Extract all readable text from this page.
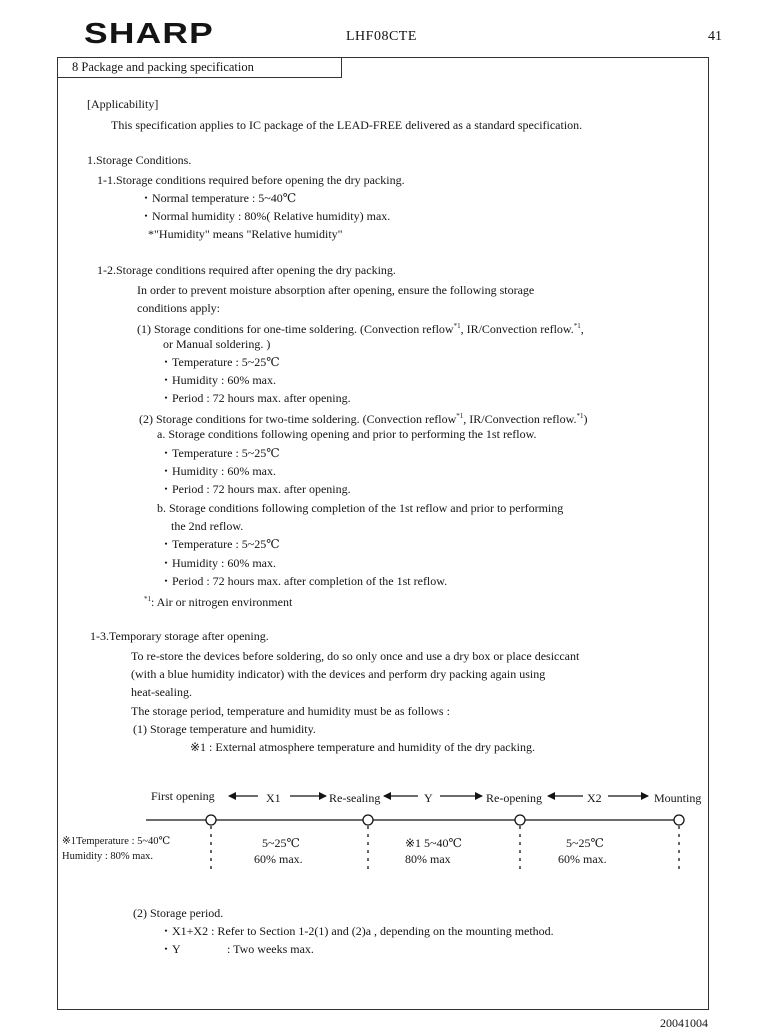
SHARP	LHF08CTE	41
8 Package and packing specification
[Applicability]
This specification applies to IC package of the LEAD-FREE delivered as a standard specification.
1.Storage Conditions.
1-1.Storage conditions required before opening the dry packing.
・Normal temperature : 5~40℃
・Normal humidity : 80%( Relative humidity) max.
*"Humidity" means "Relative humidity"
1-2.Storage conditions required after opening the dry packing.
In order to prevent moisture absorption after opening, ensure the following storage
conditions apply:
(1) Storage conditions for one-time soldering. (Convection reflow$^{*1}$, IR/Convection reflow.$^{*1}$,
or Manual soldering. )
・Temperature : 5~25℃
・Humidity : 60% max.
・Period : 72 hours max. after opening.
(2) Storage conditions for two-time soldering. (Convection reflow$^{*1}$, IR/Convection reflow.$^{*1}$)
a. Storage conditions following opening and prior to performing the 1st reflow.
・Temperature : 5~25℃
・Humidity : 60% max.
・Period : 72 hours max. after opening.
b. Storage conditions following completion of the 1st reflow and prior to performing
the 2nd reflow.
・Temperature : 5~25℃
・Humidity : 60% max.
・Period : 72 hours max. after completion of the 1st reflow.
$^{*1}$: Air or nitrogen environment
1-3.Temporary storage after opening.
To re-store the devices before soldering, do so only once and use a dry box or place desiccant
(with a blue humidity indicator) with the devices and perform dry packing again using
heat-sealing.
The storage period, temperature and humidity must be as follows :
(1) Storage temperature and humidity.
※1 : External atmosphere temperature and humidity of the dry packing.
First opening	Re-sealing	Re-opening	Mounting
X1	Y	X2
※1Temperature : 5~40℃
Humidity : 80% max.
5~25℃
60% max.
※1 5~40℃
80% max
5~25℃
60% max.
(2) Storage period.
・X1+X2 : Refer to Section 1-2(1) and (2)a , depending on the mounting method.
・Y	: Two weeks max.
20041004
